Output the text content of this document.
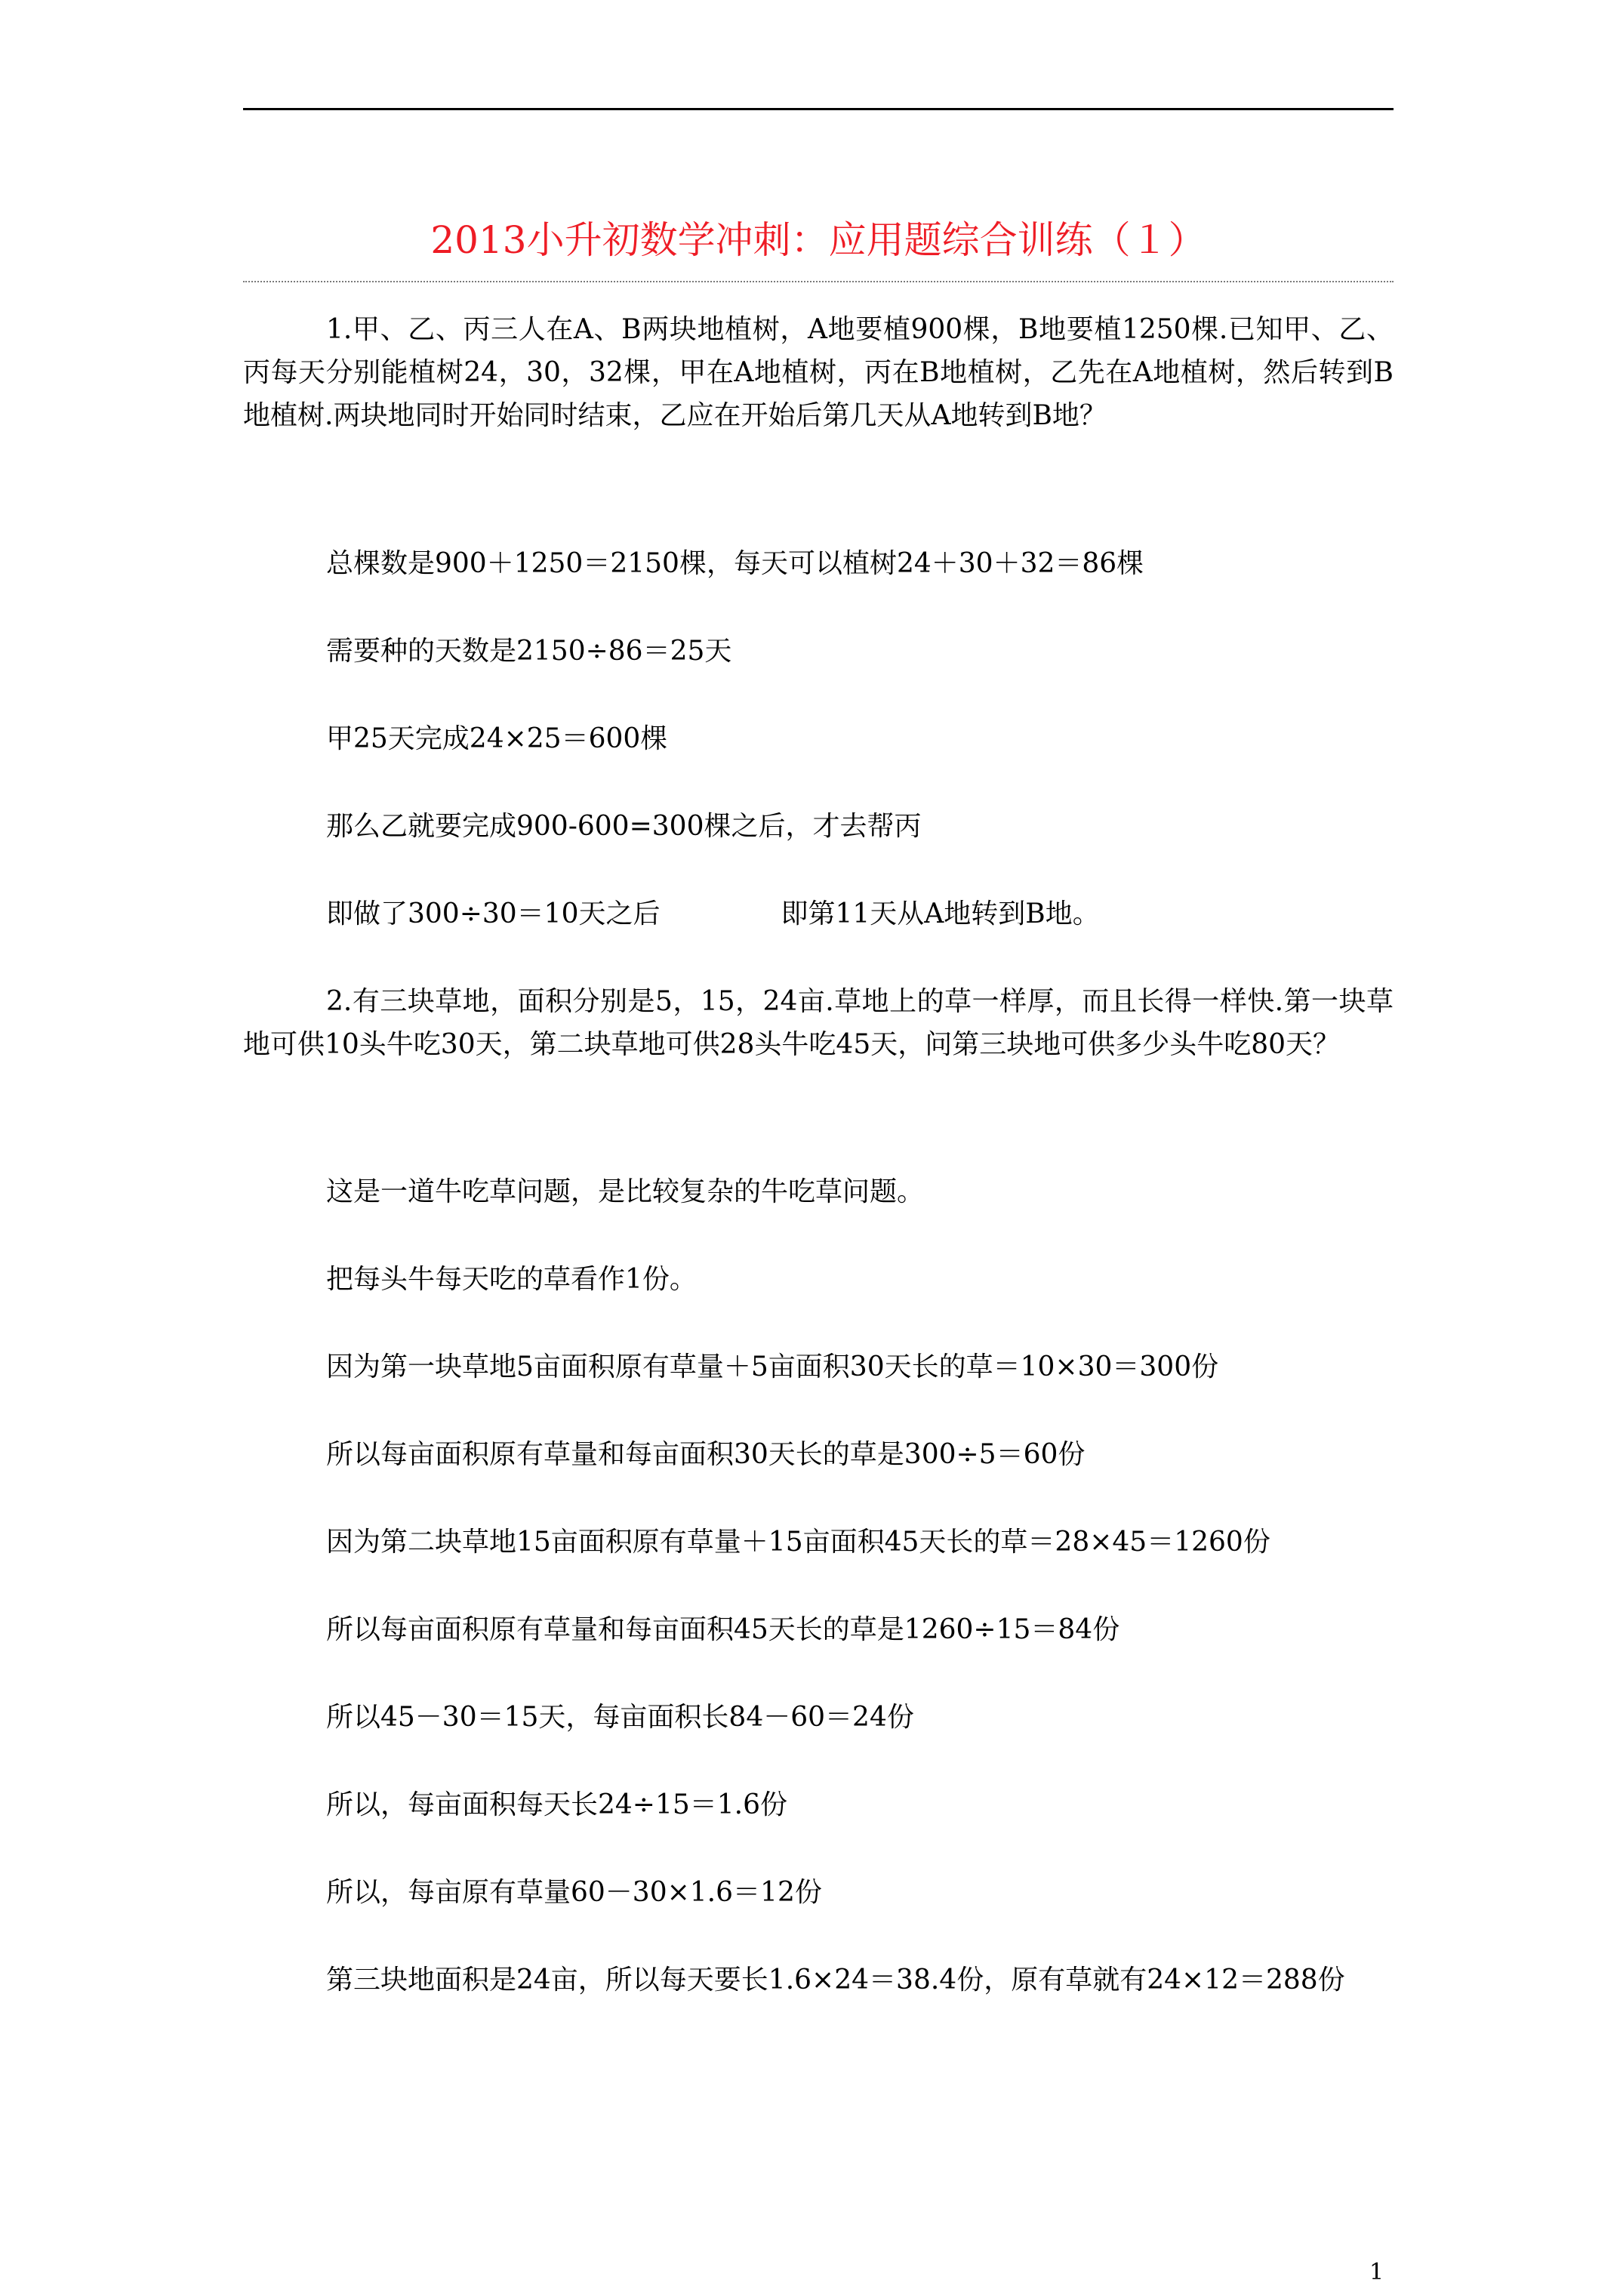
2013小升初数学冲刺：应用题综合训练（１）

1.甲、乙、丙三人在A、B两块地植树，A地要植900棵，B地要植1250棵.已知甲、乙、丙每天分别能植树24，30，32棵，甲在A地植树，丙在B地植树，乙先在A地植树，然后转到B地植树.两块地同时开始同时结束，乙应在开始后第几天从A地转到B地？

总棵数是900＋1250＝2150棵，每天可以植树24＋30＋32＝86棵

需要种的天数是2150÷86＝25天

甲25天完成24×25＝600棵

那么乙就要完成900-600=300棵之后，才去帮丙

即做了300÷30＝10天之后	即第11天从A地转到B地。

2.有三块草地，面积分别是5，15，24亩.草地上的草一样厚，而且长得一样快.第一块草地可供10头牛吃30天，第二块草地可供28头牛吃45天，问第三块地可供多少头牛吃80天？

这是一道牛吃草问题，是比较复杂的牛吃草问题。

把每头牛每天吃的草看作1份。

因为第一块草地5亩面积原有草量＋5亩面积30天长的草＝10×30＝300份

所以每亩面积原有草量和每亩面积30天长的草是300÷5＝60份

因为第二块草地15亩面积原有草量＋15亩面积45天长的草＝28×45＝1260份

所以每亩面积原有草量和每亩面积45天长的草是1260÷15＝84份

所以45－30＝15天，每亩面积长84－60＝24份

所以，每亩面积每天长24÷15＝1.6份

所以，每亩原有草量60－30×1.6＝12份

第三块地面积是24亩，所以每天要长1.6×24＝38.4份，原有草就有24×12＝288份

1
